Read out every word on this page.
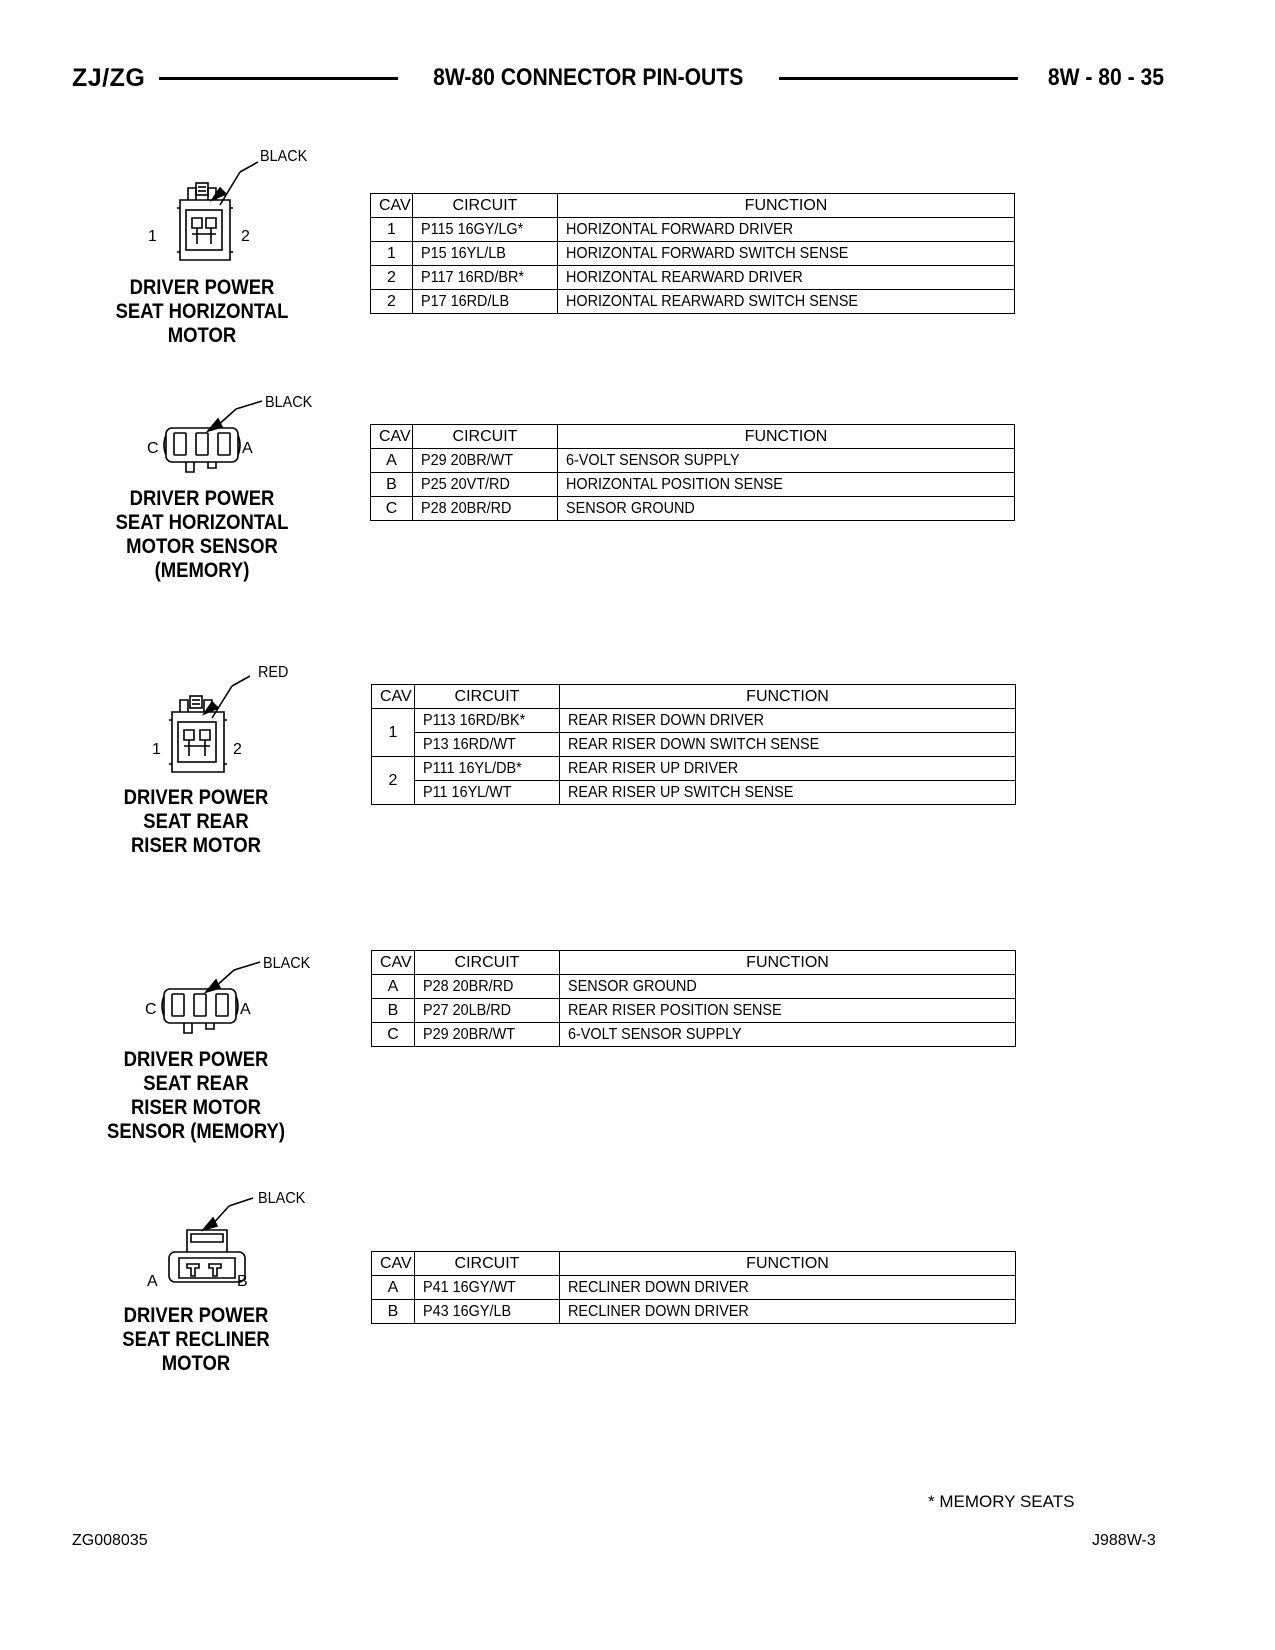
ZJ/ZG	8W-80 CONNECTOR PIN-OUTS	8W - 80 - 35
BLACK
1	2
DRIVER POWER
SEAT HORIZONTAL
MOTOR
CAV	CIRCUIT	FUNCTION
1	P115 16GY/LG*	HORIZONTAL FORWARD DRIVER
1	P15 16YL/LB	HORIZONTAL FORWARD SWITCH SENSE
2	P117 16RD/BR*	HORIZONTAL REARWARD DRIVER
2	P17 16RD/LB	HORIZONTAL REARWARD SWITCH SENSE
BLACK
C	A
DRIVER POWER
SEAT HORIZONTAL
MOTOR SENSOR
(MEMORY)
CAV	CIRCUIT	FUNCTION
A	P29 20BR/WT	6-VOLT SENSOR SUPPLY
B	P25 20VT/RD	HORIZONTAL POSITION SENSE
C	P28 20BR/RD	SENSOR GROUND
RED
1	2
DRIVER POWER
SEAT REAR
RISER MOTOR
CAV	CIRCUIT	FUNCTION
1	P113 16RD/BK*	REAR RISER DOWN DRIVER
	P13 16RD/WT	REAR RISER DOWN SWITCH SENSE
2	P111 16YL/DB*	REAR RISER UP DRIVER
	P11 16YL/WT	REAR RISER UP SWITCH SENSE
BLACK
C	A
DRIVER POWER
SEAT REAR
RISER MOTOR
SENSOR (MEMORY)
CAV	CIRCUIT	FUNCTION
A	P28 20BR/RD	SENSOR GROUND
B	P27 20LB/RD	REAR RISER POSITION SENSE
C	P29 20BR/WT	6-VOLT SENSOR SUPPLY
BLACK
A	B
DRIVER POWER
SEAT RECLINER
MOTOR
CAV	CIRCUIT	FUNCTION
A	P41 16GY/WT	RECLINER DOWN DRIVER
B	P43 16GY/LB	RECLINER DOWN DRIVER
* MEMORY SEATS
ZG008035	J988W-3
